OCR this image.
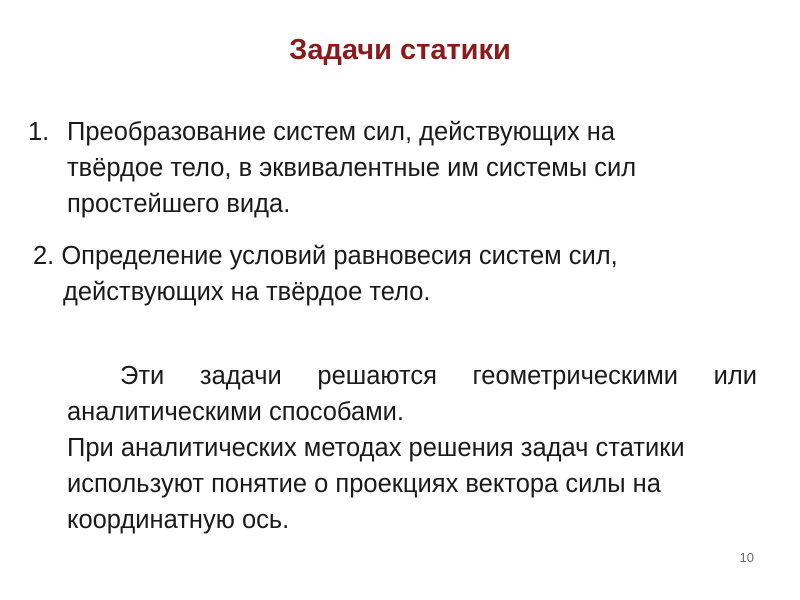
Задачи статики
1. Преобразование систем сил, действующих на
твёрдое тело, в эквивалентные им системы сил
простейшего вида.
2. Определение условий равновесия систем сил,
действующих на твёрдое тело.
Эти задачи решаются геометрическими или
аналитическими способами.
При аналитических методах решения задач статики
используют понятие о проекциях вектора силы на
координатную ось.
10
